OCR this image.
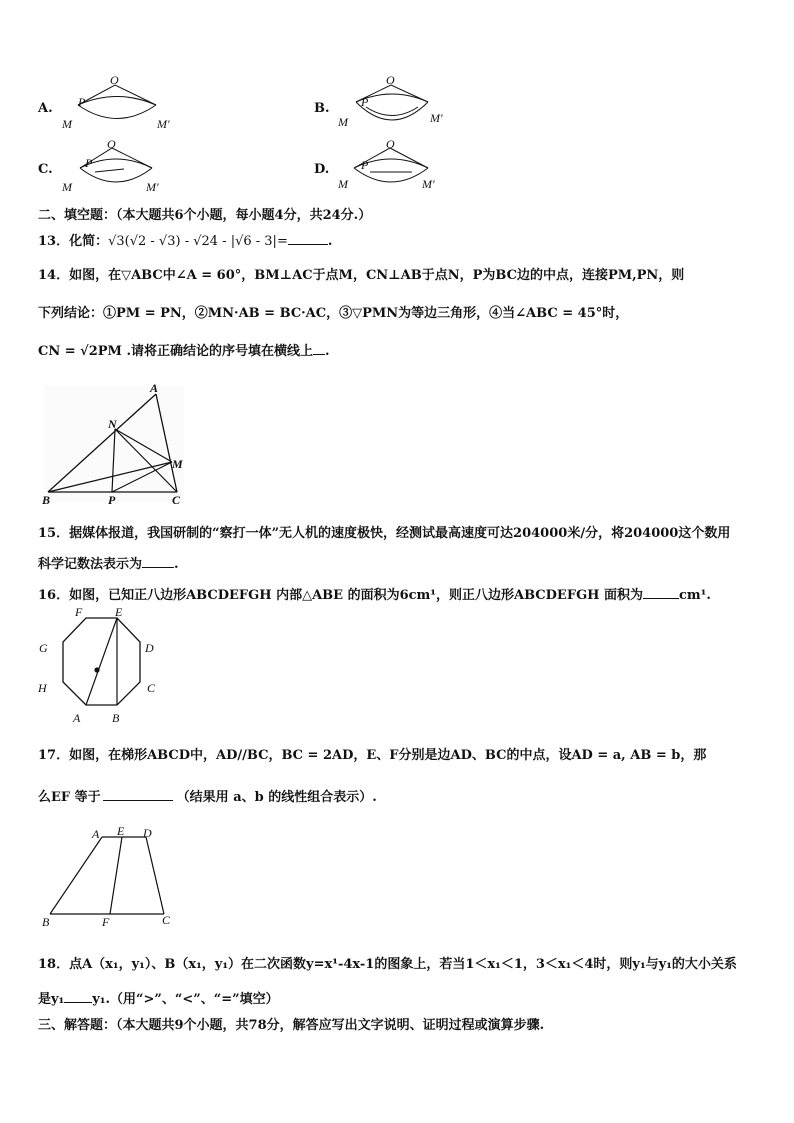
A.
O
P
M	M′
B.
O
P
M	M′
C.
O
P
M	M′
D.
O
P
M	M′
二、填空题：（本大题共6个小题，每小题4分，共24分.）
13．化简：√3(√2 - √3) - √24 - |√6 - 3|=	.
14．如图，在▽ABC中∠A = 60°，BM⊥AC于点M，CN⊥AB于点N，P为BC边的中点，连接PM,PN，则
下列结论：①PM = PN，②MN·AB = BC·AC，③▽PMN为等边三角形，④当∠ABC = 45°时，
CN = √2PM .请将正确结论的序号填在横线上 .
A
N
M
B	P	C
15．据媒体报道，我国研制的“察打一体”无人机的速度极快，经测试最高速度可达204000米/分，将204000这个数用
科学记数法表示为 .
16．如图，已知正八边形ABCDEFGH 内部△ABE 的面积为6cm¹，则正八边形ABCDEFGH 面积为	cm¹.
F	E
G	D
H	C
A	B
17．如图，在梯形ABCD中，AD//BC，BC = 2AD，E、F分别是边AD、BC的中点，设AD = a, AB = b，那
么EF 等于	（结果用 a、b 的线性组合表示）.
A E D
B	F	C
18．点A（x₁，y₁）、B（x₁，y₁）在二次函数y=x¹-4x-1的图象上，若当1＜x₁＜1，3＜x₁＜4时，则y₁与y₁的大小关系
是y₁ y₁.（用“>”、“<”、“=”填空）
三、解答题：（本大题共9个小题，共78分，解答应写出文字说明、证明过程或演算步骤.
